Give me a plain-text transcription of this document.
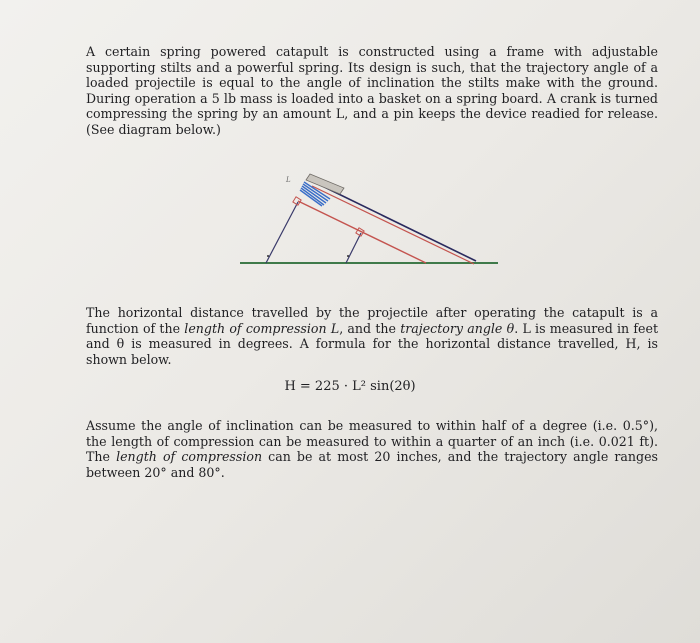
A certain spring powered catapult is constructed using a frame with adjustable supporting stilts and a powerful spring. Its design is such, that the trajectory angle of a loaded projectile is equal to the angle of inclination the stilts make with the ground. During operation a 5 lb mass is loaded into a basket on a spring board. A crank is turned compressing the spring by an amount L, and a pin keeps the device readied for release. (See diagram below.)
L
The horizontal distance travelled by the projectile after operating the catapult is a function of the length of compression L, and the trajectory angle θ. L is measured in feet and θ is measured in degrees. A formula for the horizontal distance travelled, H, is shown below.
H = 225 · L² sin(2θ)
Assume the angle of inclination can be measured to within half of a degree (i.e. 0.5°), the length of compression can be measured to within a quarter of an inch (i.e. 0.021 ft). The length of compression can be at most 20 inches, and the trajectory angle ranges between 20° and 80°.
